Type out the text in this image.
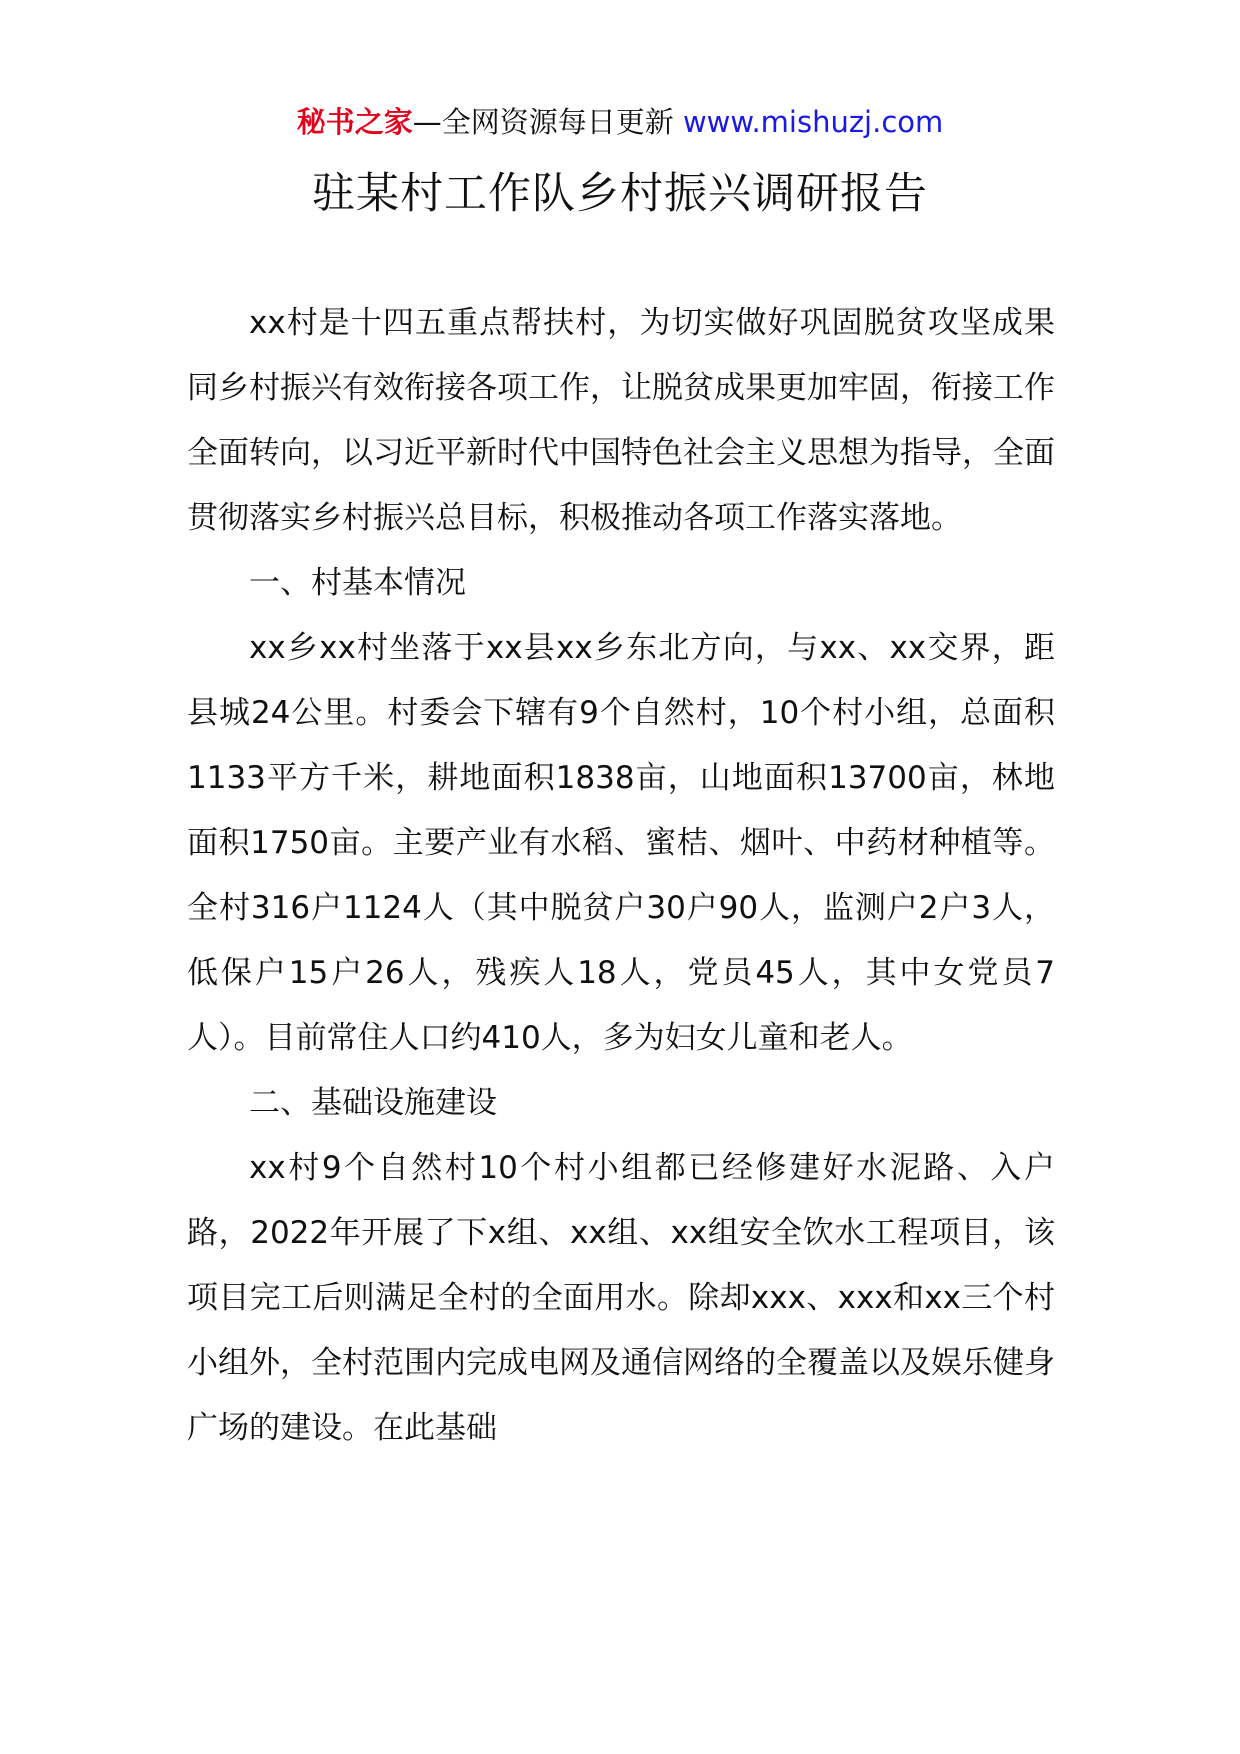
秘书之家—全网资源每日更新 www.mishuzj.com
驻某村工作队乡村振兴调研报告

xx村是十四五重点帮扶村，为切实做好巩固脱贫攻坚成果同乡村振兴有效衔接各项工作，让脱贫成果更加牢固，衔接工作全面转向，以习近平新时代中国特色社会主义思想为指导，全面贯彻落实乡村振兴总目标，积极推动各项工作落实落地。

一、村基本情况

xx乡xx村坐落于xx县xx乡东北方向，与xx、xx交界，距县城24公里。村委会下辖有9个自然村，10个村小组，总面积1133平方千米，耕地面积1838亩，山地面积13700亩，林地面积1750亩。主要产业有水稻、蜜桔、烟叶、中药材种植等。全村316户1124人（其中脱贫户30户90人，监测户2户3人，低保户15户26人，残疾人18人，党员45人，其中女党员7人）。目前常住人口约410人，多为妇女儿童和老人。

二、基础设施建设

xx村9个自然村10个村小组都已经修建好水泥路、入户路，2022年开展了下x组、xx组、xx组安全饮水工程项目，该项目完工后则满足全村的全面用水。除却xxx、xxx和xx三个村小组外，全村范围内完成电网及通信网络的全覆盖以及娱乐健身广场的建设。在此基础
